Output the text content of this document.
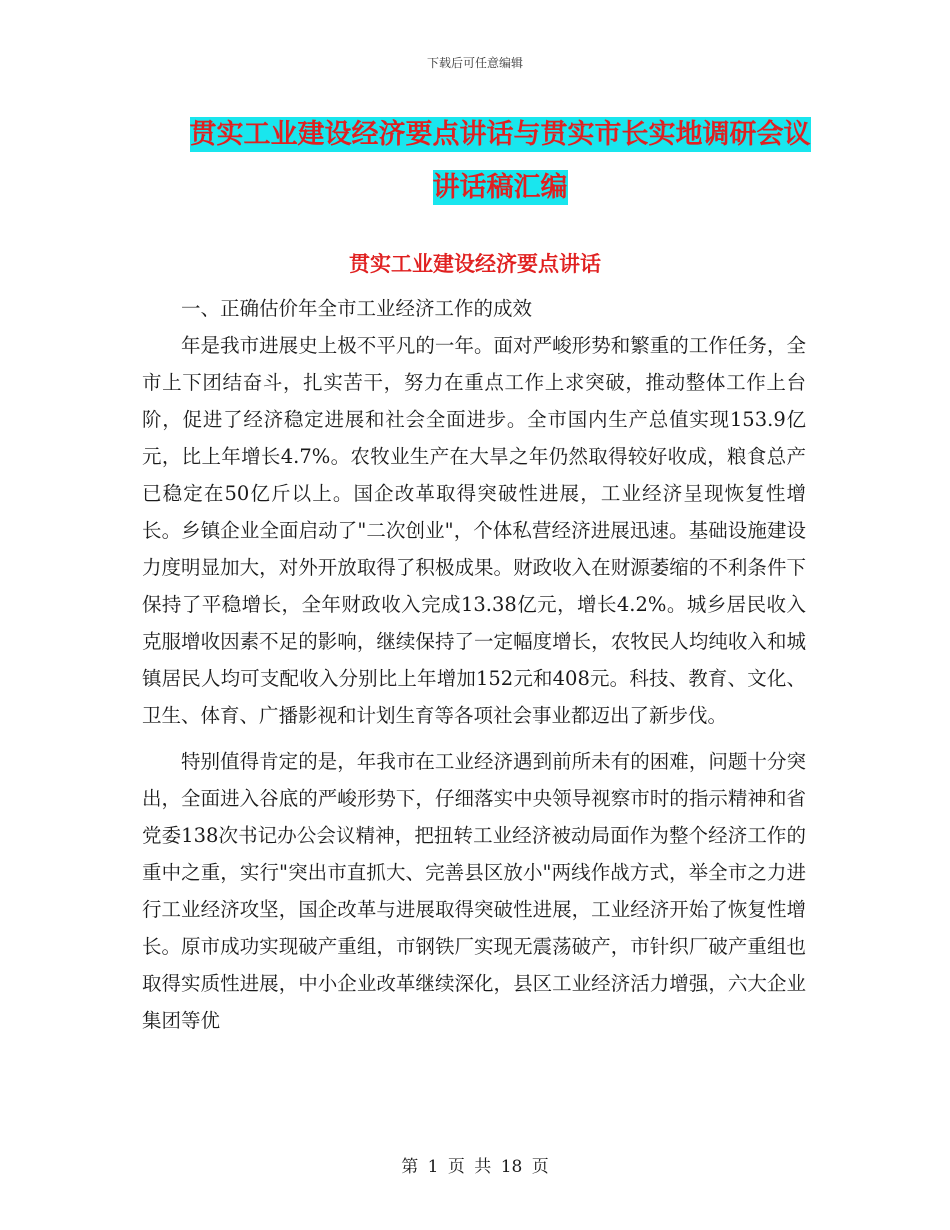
下载后可任意编辑
贯实工业建设经济要点讲话与贯实市长实地调研会议
讲话稿汇编
贯实工业建设经济要点讲话

一、正确估价年全市工业经济工作的成效

年是我市进展史上极不平凡的一年。面对严峻形势和繁重的工作任务，全市上下团结奋斗，扎实苦干，努力在重点工作上求突破，推动整体工作上台阶，促进了经济稳定进展和社会全面进步。全市国内生产总值实现153.9亿元，比上年增长4.7%。农牧业生产在大旱之年仍然取得较好收成，粮食总产已稳定在50亿斤以上。国企改革取得突破性进展，工业经济呈现恢复性增长。乡镇企业全面启动了"二次创业"，个体私营经济进展迅速。基础设施建设力度明显加大，对外开放取得了积极成果。财政收入在财源萎缩的不利条件下保持了平稳增长，全年财政收入完成13.38亿元，增长4.2%。城乡居民收入克服增收因素不足的影响，继续保持了一定幅度增长，农牧民人均纯收入和城镇居民人均可支配收入分别比上年增加152元和408元。科技、教育、文化、卫生、体育、广播影视和计划生育等各项社会事业都迈出了新步伐。

特别值得肯定的是，年我市在工业经济遇到前所未有的困难，问题十分突出，全面进入谷底的严峻形势下，仔细落实中央领导视察市时的指示精神和省党委138次书记办公会议精神，把扭转工业经济被动局面作为整个经济工作的重中之重，实行"突出市直抓大、完善县区放小"两线作战方式，举全市之力进行工业经济攻坚，国企改革与进展取得突破性进展，工业经济开始了恢复性增长。原市成功实现破产重组，市钢铁厂实现无震荡破产，市针织厂破产重组也取得实质性进展，中小企业改革继续深化，县区工业经济活力增强，六大企业集团等优

第 1 页 共 18 页
